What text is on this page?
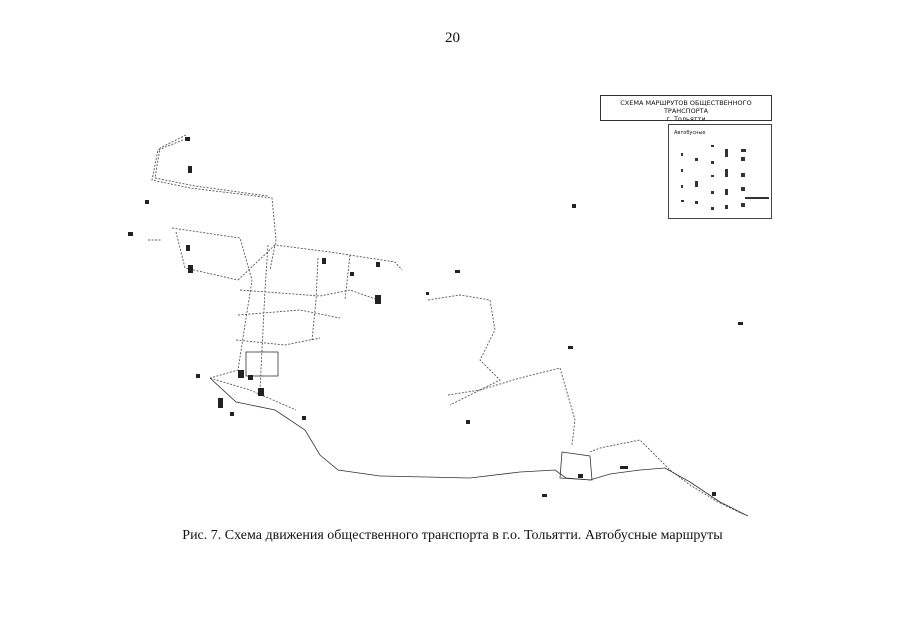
20
СХЕМА МАРШРУТОВ ОБЩЕСТВЕННОГО ТРАНСПОРТА
г. Тольятти
Автобусные
Рис. 7. Схема движения общественного транспорта в г.о. Тольятти. Автобусные маршруты
